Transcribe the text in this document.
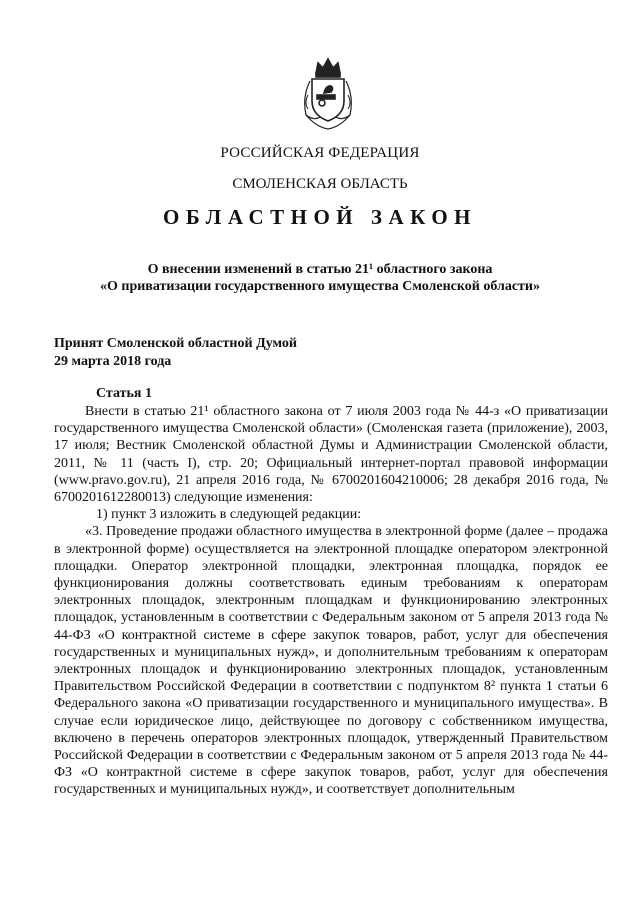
РОССИЙСКАЯ ФЕДЕРАЦИЯ
СМОЛЕНСКАЯ ОБЛАСТЬ
ОБЛАСТНОЙ ЗАКОН
О внесении изменений в статью 21¹ областного закона
«О приватизации государственного имущества Смоленской области»
Принят Смоленской областной Думой
29 марта 2018 года
Статья 1

Внести в статью 21¹ областного закона от 7 июля 2003 года № 44-з «О приватизации государственного имущества Смоленской области» (Смоленская газета (приложение), 2003, 17 июля; Вестник Смоленской областной Думы и Администрации Смоленской области, 2011, № 11 (часть I), стр. 20; Официальный интернет-портал правовой информации (www.pravo.gov.ru), 21 апреля 2016 года, № 6700201604210006; 28 декабря 2016 года, № 6700201612280013) следующие изменения:

1) пункт 3 изложить в следующей редакции:

«3. Проведение продажи областного имущества в электронной форме (далее – продажа в электронной форме) осуществляется на электронной площадке оператором электронной площадки. Оператор электронной площадки, электронная площадка, порядок ее функционирования должны соответствовать единым требованиям к операторам электронных площадок, электронным площадкам и функционированию электронных площадок, установленным в соответствии с Федеральным законом от 5 апреля 2013 года № 44-ФЗ «О контрактной системе в сфере закупок товаров, работ, услуг для обеспечения государственных и муниципальных нужд», и дополнительным требованиям к операторам электронных площадок и функционированию электронных площадок, установленным Правительством Российской Федерации в соответствии с подпунктом 8² пункта 1 статьи 6 Федерального закона «О приватизации государственного и муниципального имущества». В случае если юридическое лицо, действующее по договору с собственником имущества, включено в перечень операторов электронных площадок, утвержденный Правительством Российской Федерации в соответствии с Федеральным законом от 5 апреля 2013 года № 44-ФЗ «О контрактной системе в сфере закупок товаров, работ, услуг для обеспечения государственных и муниципальных нужд», и соответствует дополнительным
